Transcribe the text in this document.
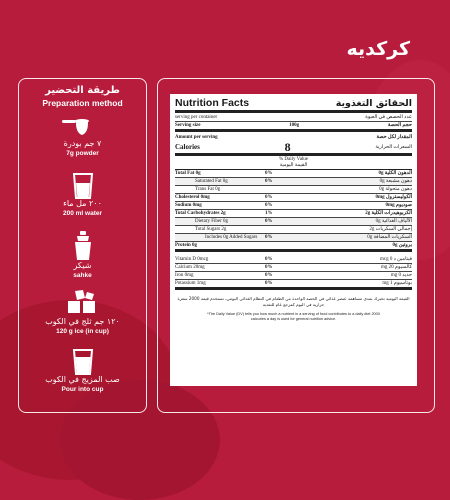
كركديه
طريقة التحضير
Preparation method
٧ جم بودرة
7g powder
٢٠٠ مل ماء
200 ml water
شيكر
sahke
١٢٠ جم ثلج في الكوب
120 g ice (in cup)
صب المزيج في الكوب
Pour into cup
Nutrition Facts	الحقائق التغذوية
serving per container	عدد الحصص في العبوة
Serving size	100g	حجم الحصة
Amount per serving	المقدار لكل حصة
Calories	8	السعرات الحرارية
% Daily Value
القيمة اليومية
Total Fat 0g	0%	الدهون الكلية 0g
Saturated Fat 0g	0%	دهون مشبعة 0g
Trans Fat 0g	دهون متحولة 0g
Cholesterol 0mg	0%	الكوليسترول 0mg
Sodium 0mg	0%	صوديوم 0mg
Total Carbohydrates 2g	1%	الكربوهيدرات الكلية 2g
Dietary Fiber 0g	0%	الألياف الغذائية 0g
Total Sugars 2g	إجمالي السكريات 2g
Includes 0g Added Sugars	0%	السكريات المضافة 0g
Protein 0g	بروتين 0g
Vitamin D 0mcg	0%	فيتامين د 0 mcg
Calcium 20mg	0%	كالسيوم 20 mg
Iron 0mg	0%	حديد 0 mg
Potassium 1mg	0%	بوتاسيوم 1 mg
القيمة اليومية تخبرك بمدى مساهمة عنصر غذائي في الحصة الواحدة من الطعام في النظام الغذائي اليومي، تستخدم قيمة 2000 سعرة حرارية في اليوم كمرجع عام للتغذية
*The Daily Value (DV) tells you how much a nutrient in a serving of food contributes to a daily diet 2000
calcuries a day is used for general nutrition advice.
